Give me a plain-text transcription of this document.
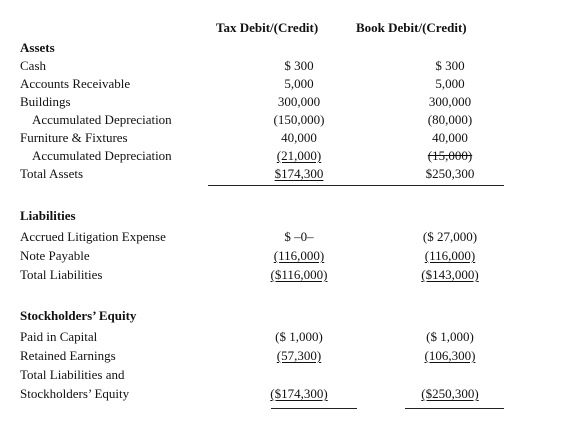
Tax Debit/(Credit)	Book Debit/(Credit)
Assets
Cash	$ 300	$ 300
Accounts Receivable	5,000	5,000
Buildings	300,000	300,000
Accumulated Depreciation	(150,000)	(80,000)
Furniture & Fixtures	40,000	40,000
Accumulated Depreciation	(21,000)	(15,000)
Total Assets	$174,300	$250,300
Liabilities
Accrued Litigation Expense	$ –0–	($ 27,000)
Note Payable	(116,000)	(116,000)
Total Liabilities	($116,000)	($143,000)
Stockholders’ Equity
Paid in Capital	($ 1,000)	($ 1,000)
Retained Earnings	(57,300)	(106,300)
Total Liabilities and
Stockholders’ Equity	($174,300)	($250,300)
